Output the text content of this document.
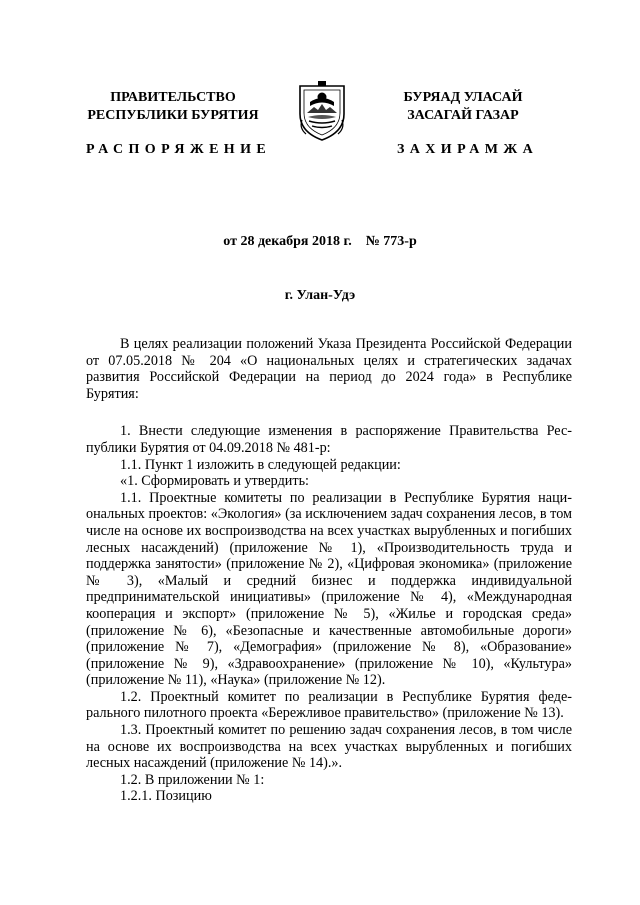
ПРАВИТЕЛЬСТВО
РЕСПУБЛИКИ БУРЯТИЯ
БУРЯАД УЛАСАЙ
ЗАСАГАЙ ГАЗАР
РАСПОРЯЖЕНИЕ	ЗАХИРАМЖА
от 28 декабря 2018 г.    № 773-р
г. Улан-Удэ

В целях реализации положений Указа Президента Российской Федерации от 07.05.2018 № 204 «О национальных целях и стратегических задачах развития Российской Федерации на период до 2024 года» в Республике Бурятия:

1. Внести следующие изменения в распоряжение Правительства Республики Бурятия от 04.09.2018 № 481-р:

1.1. Пункт 1 изложить в следующей редакции:

«1. Сформировать и утвердить:

1.1. Проектные комитеты по реализации в Республике Бурятия национальных проектов: «Экология» (за исключением задач сохранения лесов, в том числе на основе их воспроизводства на всех участках вырубленных и погибших лесных насаждений) (приложение № 1), «Производительность труда и поддержка занятости» (приложение № 2), «Цифровая экономика» (приложение № 3), «Малый и средний бизнес и поддержка индивидуальной предпринимательской инициативы» (приложение № 4), «Международная кооперация и экспорт» (приложение № 5), «Жилье и городская среда» (приложение № 6), «Безопасные и качественные автомобильные дороги» (приложение № 7), «Демография» (приложение № 8), «Образование» (приложение № 9), «Здравоохранение» (приложение № 10), «Культура» (приложение № 11), «Наука» (приложение № 12).

1.2. Проектный комитет по реализации в Республике Бурятия федерального пилотного проекта «Бережливое правительство» (приложение № 13).

1.3. Проектный комитет по решению задач сохранения лесов, в том числе на основе их воспроизводства на всех участках вырубленных и погибших лесных насаждений (приложение № 14).».

1.2. В приложении № 1:

1.2.1. Позицию
